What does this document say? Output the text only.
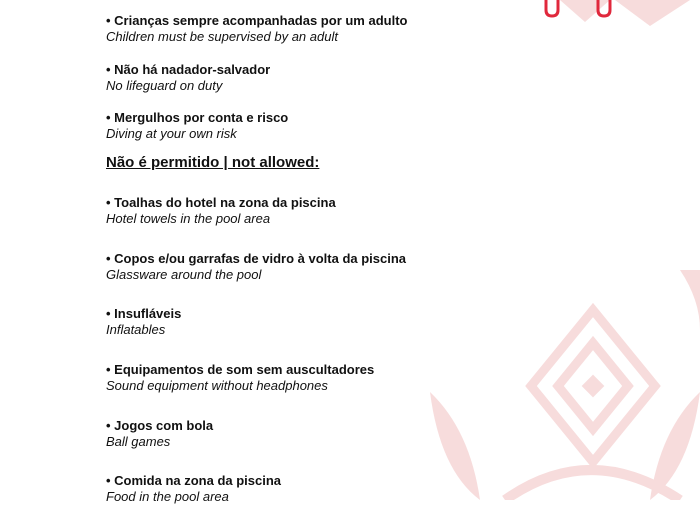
• Crianças sempre acompanhadas por um adulto
Children must be supervised by an adult
• Não há nadador-salvador
No lifeguard on duty
• Mergulhos por conta e risco
Diving at your own risk
Não é permitido | not allowed:
• Toalhas do hotel na zona da piscina
Hotel towels in the pool area
• Copos e/ou garrafas de vidro à volta da piscina
Glassware around the pool
• Insufláveis
Inflatables
• Equipamentos de som sem auscultadores
Sound equipment without headphones
• Jogos com bola
Ball games
• Comida na zona da piscina
Food in the pool area
